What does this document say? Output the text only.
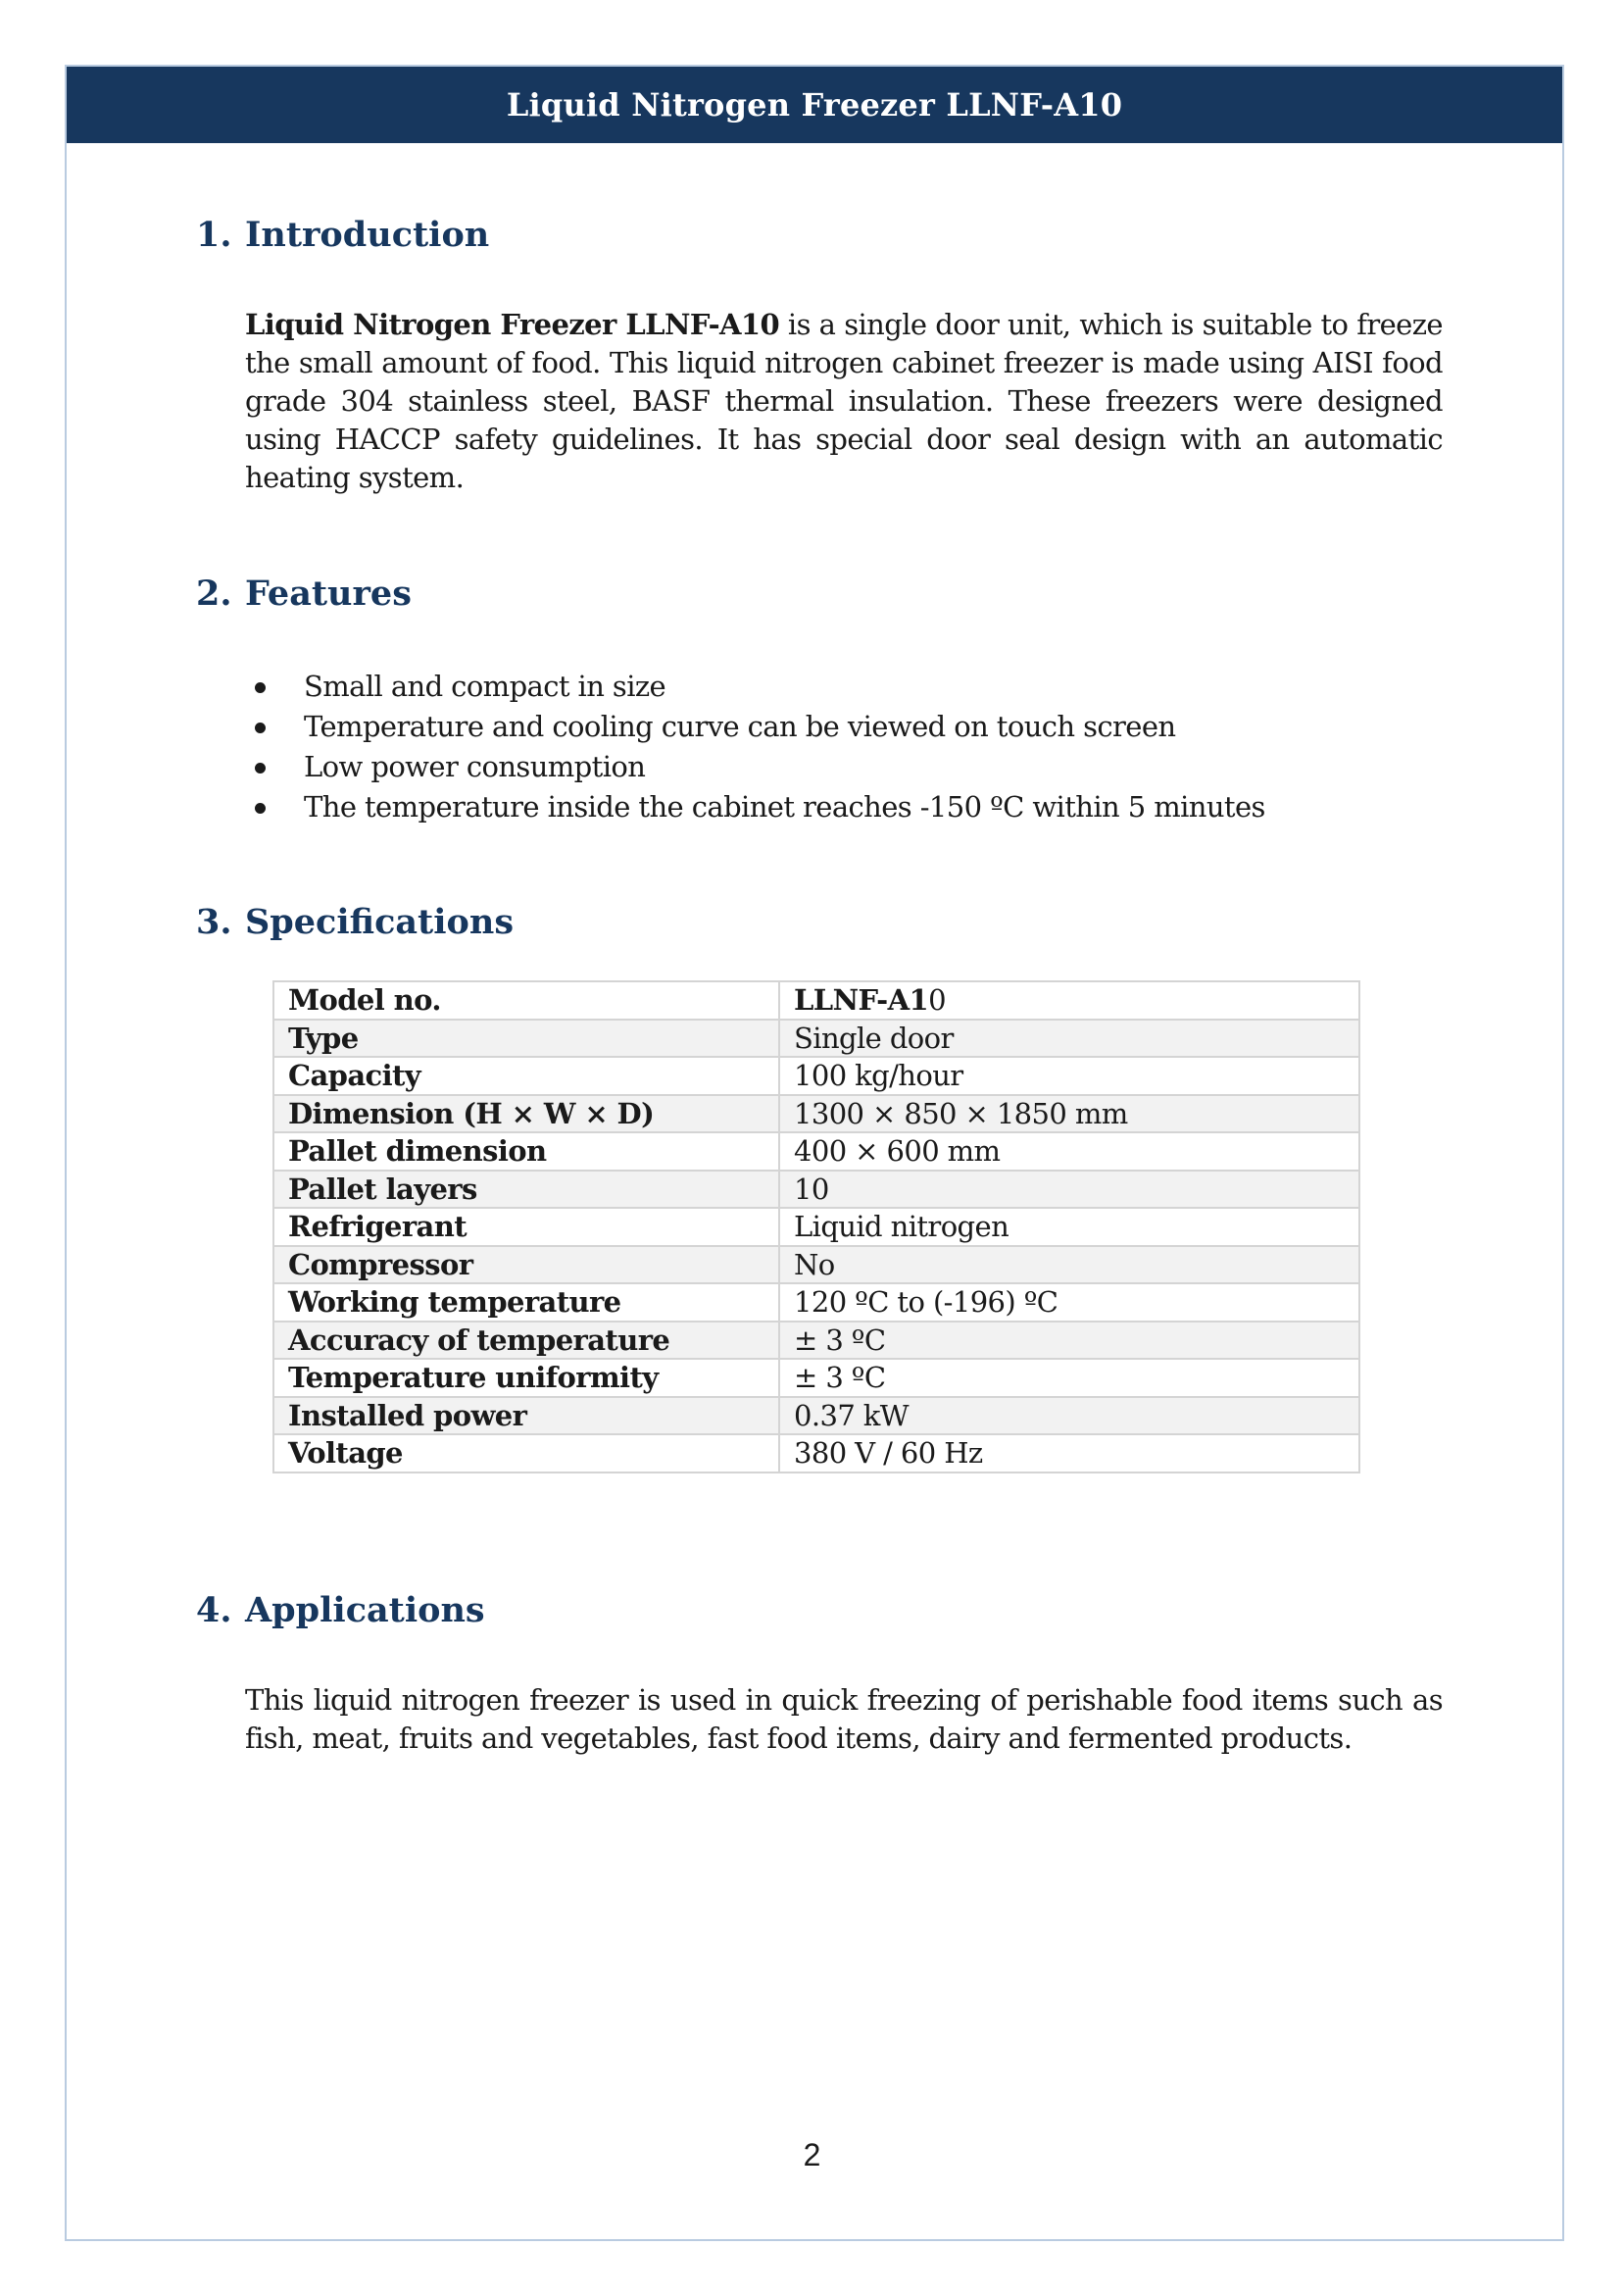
Liquid Nitrogen Freezer LLNF-A10
1. Introduction

Liquid Nitrogen Freezer LLNF-A10 is a single door unit, which is suitable to freeze the small amount of food. This liquid nitrogen cabinet freezer is made using AISI food grade 304 stainless steel, BASF thermal insulation. These freezers were designed using HACCP safety guidelines. It has special door seal design with an automatic heating system.

2. Features
Small and compact in size
Temperature and cooling curve can be viewed on touch screen
Low power consumption
The temperature inside the cabinet reaches -150 ºC within 5 minutes
3. Specifications
Model no.	LLNF-A10
Type	Single door
Capacity	100 kg/hour
Dimension (H × W × D)	1300 × 850 × 1850 mm
Pallet dimension	400 × 600 mm
Pallet layers	10
Refrigerant	Liquid nitrogen
Compressor	No
Working temperature	120 ºC to (-196) ºC
Accuracy of temperature	± 3 ºC
Temperature uniformity	± 3 ºC
Installed power	0.37 kW
Voltage	380 V / 60 Hz
4. Applications

This liquid nitrogen freezer is used in quick freezing of perishable food items such as fish, meat, fruits and vegetables, fast food items, dairy and fermented products.

2
